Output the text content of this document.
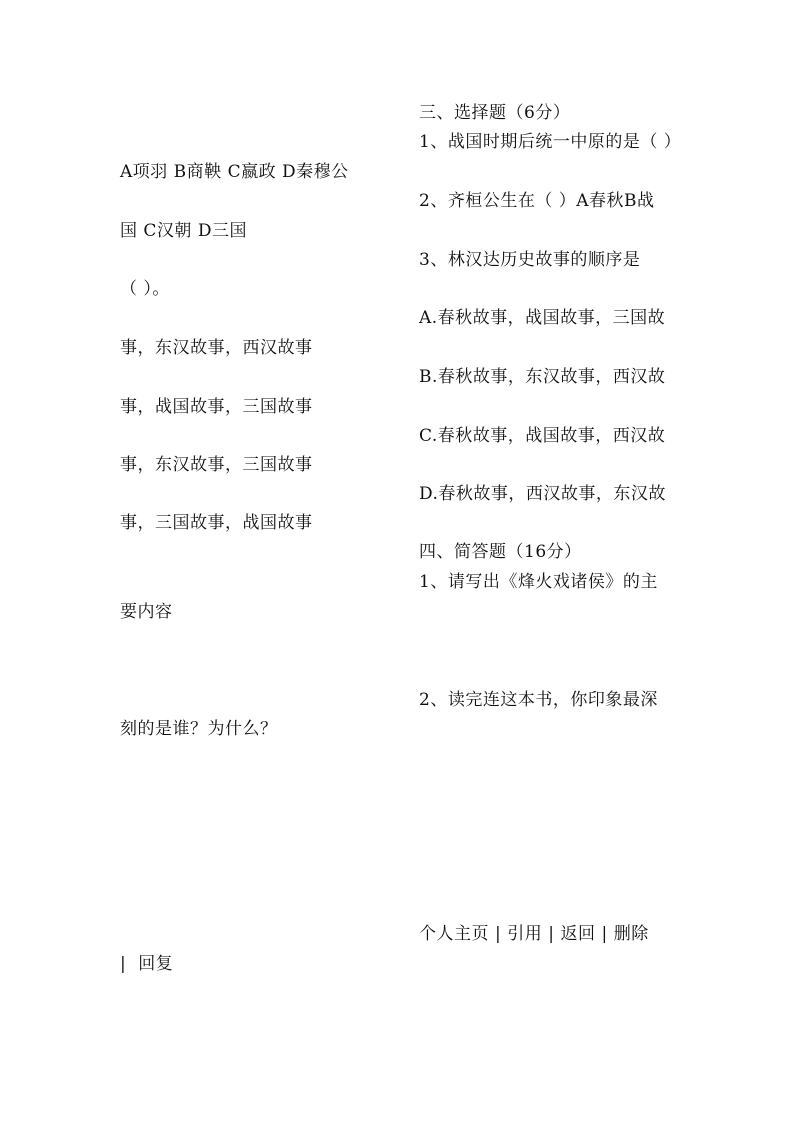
三、选择题（6分）
1、战国时期后统一中原的是（ ）
2、齐桓公生在（ ）A春秋B战
3、林汉达历史故事的顺序是
A.春秋故事，战国故事，三国故
B.春秋故事，东汉故事，西汉故
C.春秋故事，战国故事，西汉故
D.春秋故事，西汉故事，东汉故
四、简答题（16分）
1、请写出《烽火戏诸侯》的主
2、读完连这本书，你印象最深
A项羽 B商鞅 C嬴政 D秦穆公
国 C汉朝 D三国
（ ）。
事，东汉故事，西汉故事
事，战国故事，三国故事
事，东汉故事，三国故事
事，三国故事，战国故事
要内容
刻的是谁？为什么？
个人主页 | 引用 | 返回 | 删除
| 回复
